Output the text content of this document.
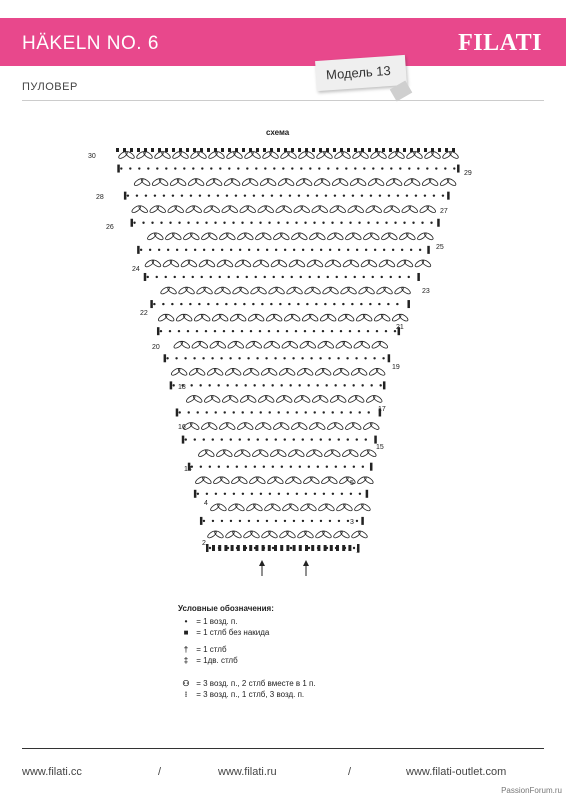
HÄKELN NO. 6	FILATI
Модель 13
ПУЛОВЕР
схема
30
28
26
24
22
20
18
16
14
4
2
29
27
25
23
21
19
17
15
5
3
1
Условные обозначения:
• = 1 возд. п.
■ = 1 стлб без накида
† = 1 стлб
‡ = 1дв. стлб
⚇ = 3 возд. п., 2 стлб вместе в 1 п.
⁝ = 3 возд. п., 1 стлб, 3 возд. п.
www.filati.cc	/	www.filati.ru	/	www.filati-outlet.com
PassionForum.ru
